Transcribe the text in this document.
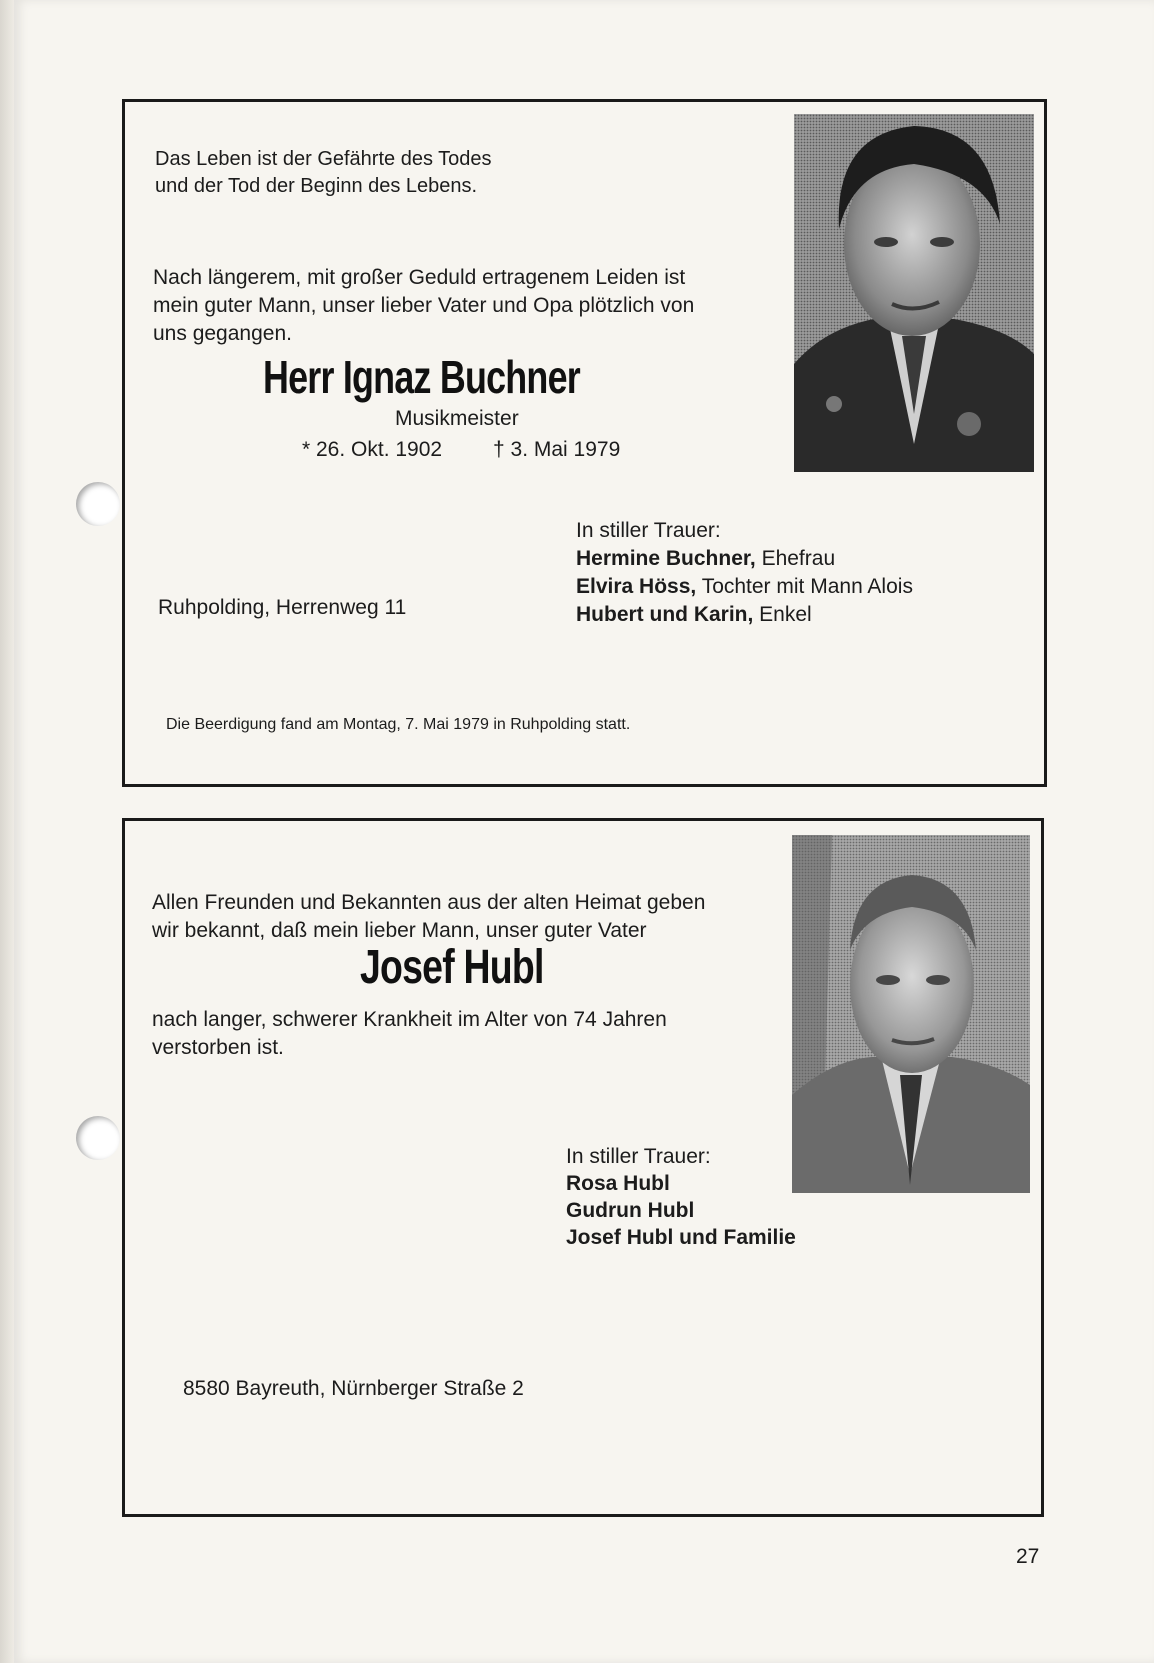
Das Leben ist der Gefährte des Todes

und der Tod der Beginn des Lebens.

Nach längerem, mit großer Geduld ertragenem Leiden ist

mein guter Mann, unser lieber Vater und Opa plötzlich von

uns gegangen.

Herr Ignaz Buchner

Musikmeister

* 26. Okt. 1902 † 3. Mai 1979

In stiller Trauer:

Hermine Buchner, Ehefrau

Elvira Höss, Tochter mit Mann Alois

Hubert und Karin, Enkel

Ruhpolding, Herrenweg 11

Die Beerdigung fand am Montag, 7. Mai 1979 in Ruhpolding statt.

Allen Freunden und Bekannten aus der alten Heimat geben

wir bekannt, daß mein lieber Mann, unser guter Vater

Josef Hubl

nach langer, schwerer Krankheit im Alter von 74 Jahren

verstorben ist.

In stiller Trauer:

Rosa Hubl

Gudrun Hubl

Josef Hubl und Familie

8580 Bayreuth, Nürnberger Straße 2

27
